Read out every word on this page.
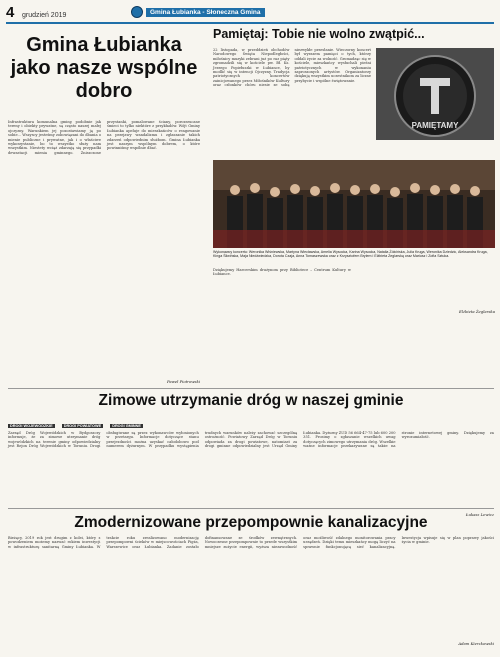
4 grudzień 2019	Gmina Łubianka - Słoneczna Gmina
Gmina Łubianka jako nasze wspólne dobro
Infrastruktura komunalna gminy, podobnie jak tereny i obiekty prywatne, są często naszej małej ojczyzny. Warunkiem jej pozostawiamy ją po sobie... Wszyscy jesteśmy zobowiązani do dbania o mienie publiczne i prywatne, jak i o właściwe wykorzystanie, bo to wszystko służy nam wszystkim. Niestety wciąż zdarzają się przypadki dewastacji mienia gminnego. Zniszczone przystanki, pomalowane ściany, porozrzucane śmieci to tylko niektóre z przykładów. Wójt Gminy Łubianka apeluje do mieszkańców o reagowanie na przejawy wandalizmu i zgłaszanie takich zdarzeń odpowiednim służbom. Gmina Łubianka jest naszym wspólnym dobrem, o które powinniśmy wspólnie dbać.
Paweł Piotrowski
Pamiętaj: Tobie nie wolno zwątpić...
22 listopada, w przeddzień obchodów Narodowego Święta Niepodległości, miłośnicy muzyki zebrani już po raz piąty zgromadzili się w kościele pw. Bł. Ks. Jerzego Popiełuszki w Łubiance, by modlić się w intencji Ojczyzny. Tradycja patriotycznych koncertów zainicjowanego przez Miłośników Kultury oraz członków chóru niesie ze sobą niezwykłe przesłanie. Wieczorny koncert był wyrazem pamięci o tych, którzy oddali życie za wolność. Gromadząc się w kościele, mieszkańcy wysłuchali pieśni patriotycznych w wykonaniu zaproszonych artystów. Organizatorzy dziękują wszystkim uczestnikom za liczne przybycie i wspólne świętowanie.
PAMIĘTAMY
Wykonawcy koncertu: Weronika Wiśniewska, Martyna Wiecławska, Amelia Wysocka, Karina Wysocka, Natalia Żółcińska, Julia Kruga, Weronika Dziedzic, Aleksandra Kruga, Kinga Śliwińska, Maja Niedźwiedzka, Dorota Czaja, Anna Tomaszewska oraz z Krzysztofem Brylem i Elżbieta Żeglarską oraz Mariusz i Zofia Sztuka.
Dziękujemy Harcerskim drużynom przy Bibliotece – Centrum Kultury w Łubiance.
Elżbieta Żeglarska
Zimowe utrzymanie dróg w naszej gminie
DROGI WOJEWÓDZKIE	DROGI POWIATOWE	DROGI GMINNE
Zarząd Dróg Wojewódzkich w Bydgoszczy informuje, że za zimowe utrzymanie dróg wojewódzkich na terenie gminy odpowiedzialny jest Rejon Dróg Wojewódzkich w Toruniu. Drogi obsługiwane są przez wykonawców wyłonionych w przetargu. Informacje dotyczące stanu przejezdności można uzyskać całodobowo pod numerem dyżurnym. W przypadku wystąpienia trudnych warunków należy zachować szczególną ostrożność. Powiatowy Zarząd Dróg w Toruniu odpowiada za drogi powiatowe, natomiast za drogi gminne odpowiedzialny jest Urząd Gminy Łubianka. Dyżurny ZUD 56 664-47-75 lub 600 200 351. Prosimy o zgłaszanie wszelkich uwag dotyczących zimowego utrzymania dróg. Wszelkie ważne informacje przekazywane są także na stronie internetowej gminy. Dziękujemy za wyrozumiałość.
Łukasz Lewicz
Zmodernizowane przepompownie kanalizacyjne
Bieżący, 2019 rok jest drugim z kolei, który z powodzeniem możemy nazwać rokiem inwestycji w infrastrukturę sanitarną Gminy Łubianka. W trakcie roku zrealizowano modernizację przepompowni ścieków w miejscowościach Pigża, Warszewice oraz Łubianka. Zadanie zostało dofinansowane ze środków zewnętrznych. Nowoczesne przepompownie to przede wszystkim mniejsze zużycie energii, wyższa niezawodność oraz możliwość zdalnego monitorowania pracy urządzeń. Dzięki temu mieszkańcy mogą liczyć na sprawnie funkcjonującą sieć kanalizacyjną. Inwestycja wpisuje się w plan poprawy jakości życia w gminie.
Adam Kierzkowski
